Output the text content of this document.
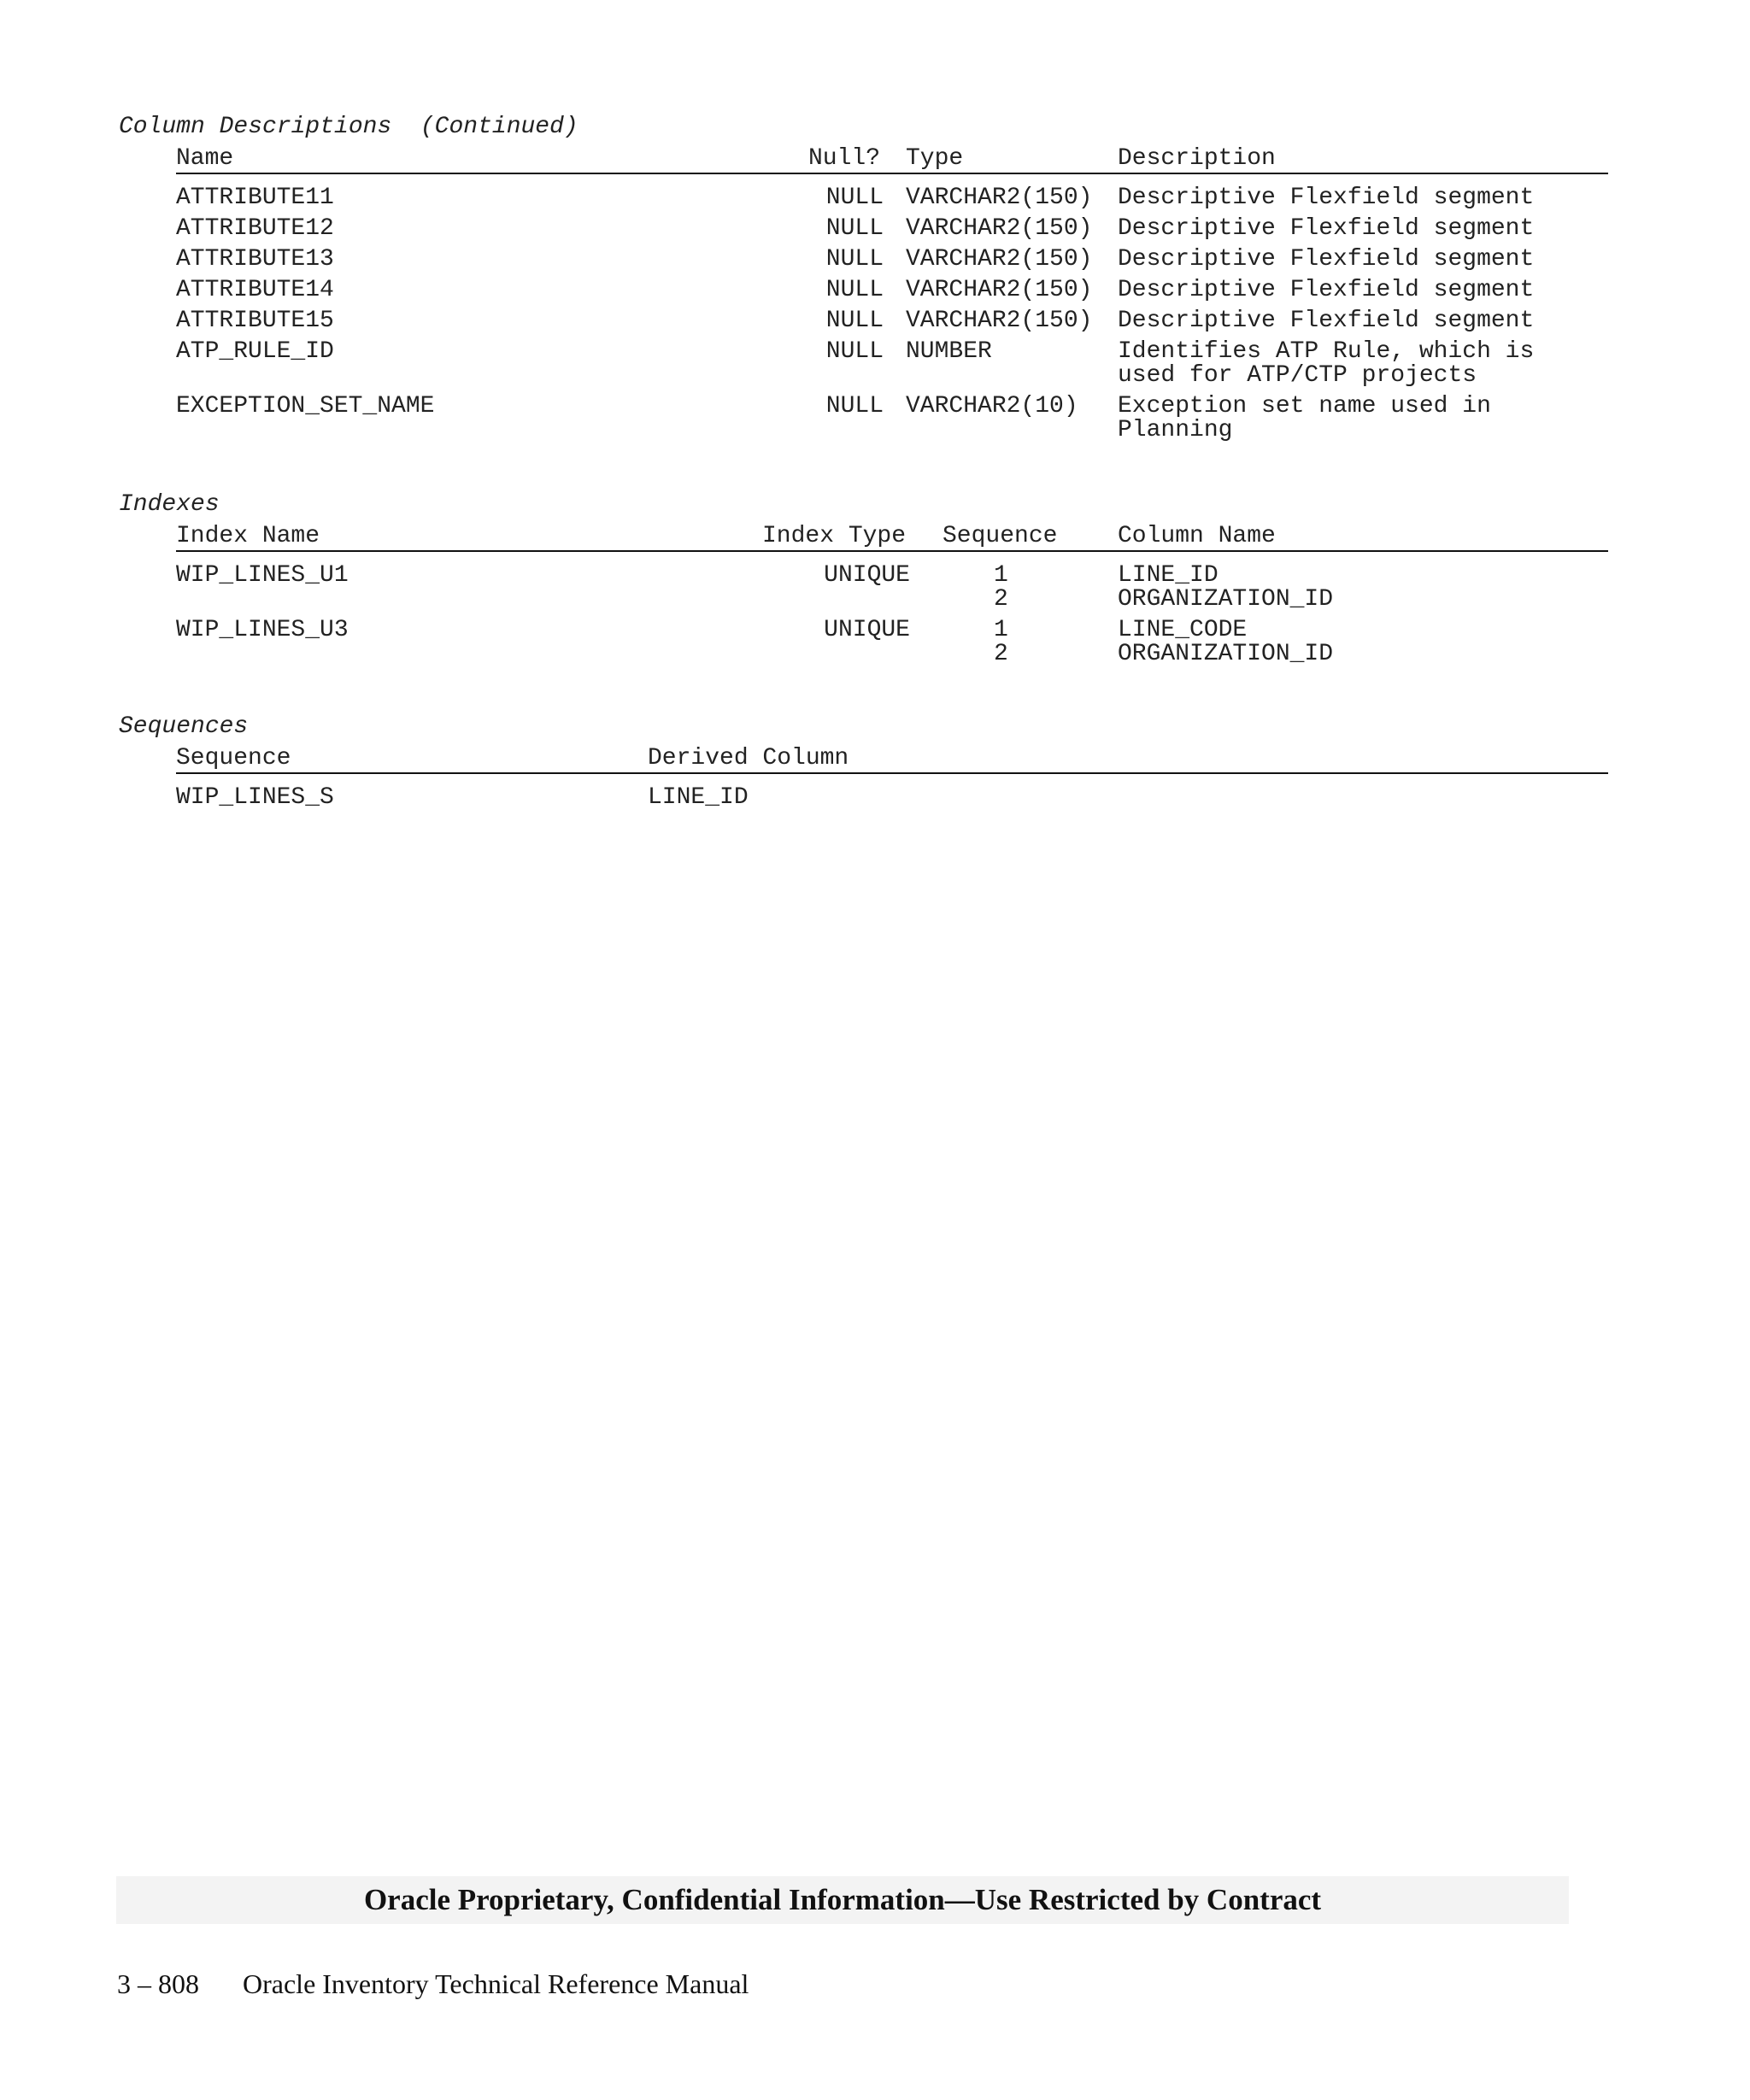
Column Descriptions (Continued)
Name	Null? Type	Description
ATTRIBUTE11	NULL VARCHAR2(150) Descriptive Flexfield segment
ATTRIBUTE12	NULL VARCHAR2(150) Descriptive Flexfield segment
ATTRIBUTE13	NULL VARCHAR2(150) Descriptive Flexfield segment
ATTRIBUTE14	NULL VARCHAR2(150) Descriptive Flexfield segment
ATTRIBUTE15	NULL VARCHAR2(150) Descriptive Flexfield segment
ATP_RULE_ID	NULL NUMBER	Identifies ATP Rule, which is
used for ATP/CTP projects
EXCEPTION_SET_NAME	NULL VARCHAR2(10) Exception set name used in
Planning
Indexes
Index Name	Index Type Sequence	Column Name
WIP_LINES_U1	UNIQUE	1	LINE_ID
2	ORGANIZATION_ID
WIP_LINES_U3	UNIQUE	1	LINE_CODE
2	ORGANIZATION_ID
Sequences
Sequence	Derived Column
WIP_LINES_S	LINE_ID
Oracle Proprietary, Confidential Information––Use Restricted by Contract
3 – 808 Oracle Inventory Technical Reference Manual
